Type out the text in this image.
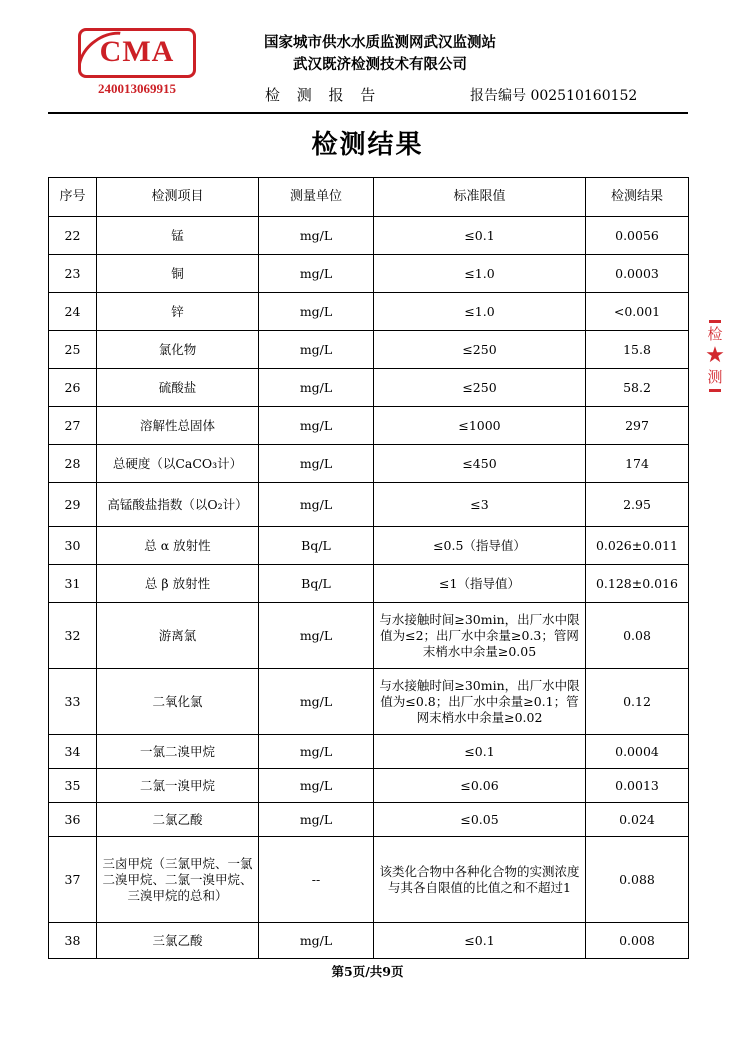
CMA
240013069915
国家城市供水水质监测网武汉监测站
武汉既济检测技术有限公司
检 测 报 告	报告编号 002510160152
检测结果
序号	检测项目	测量单位	标准限值	检测结果
22	锰	mg/L	≤0.1	0.0056
23	铜	mg/L	≤1.0	0.0003
24	锌	mg/L	≤1.0	<0.001
25	氯化物	mg/L	≤250	15.8
26	硫酸盐	mg/L	≤250	58.2
27	溶解性总固体	mg/L	≤1000	297
28	总硬度（以CaCO₃计）	mg/L	≤450	174
29	高锰酸盐指数（以O₂计）	mg/L	≤3	2.95
30	总 α 放射性	Bq/L	≤0.5（指导值）	0.026±0.011
31	总 β 放射性	Bq/L	≤1（指导值）	0.128±0.016
32	游离氯	mg/L	与水接触时间≥30min，出厂水中限值为≤2；出厂水中余量≥0.3；管网末梢水中余量≥0.05	0.08
33	二氧化氯	mg/L	与水接触时间≥30min，出厂水中限值为≤0.8；出厂水中余量≥0.1；管网末梢水中余量≥0.02	0.12
34	一氯二溴甲烷	mg/L	≤0.1	0.0004
35	二氯一溴甲烷	mg/L	≤0.06	0.0013
36	二氯乙酸	mg/L	≤0.05	0.024
37	三卤甲烷（三氯甲烷、一氯二溴甲烷、二氯一溴甲烷、三溴甲烷的总和）	--	该类化合物中各种化合物的实测浓度与其各自限值的比值之和不超过1	0.088
38	三氯乙酸	mg/L	≤0.1	0.008
检
★
测
第5页/共9页
